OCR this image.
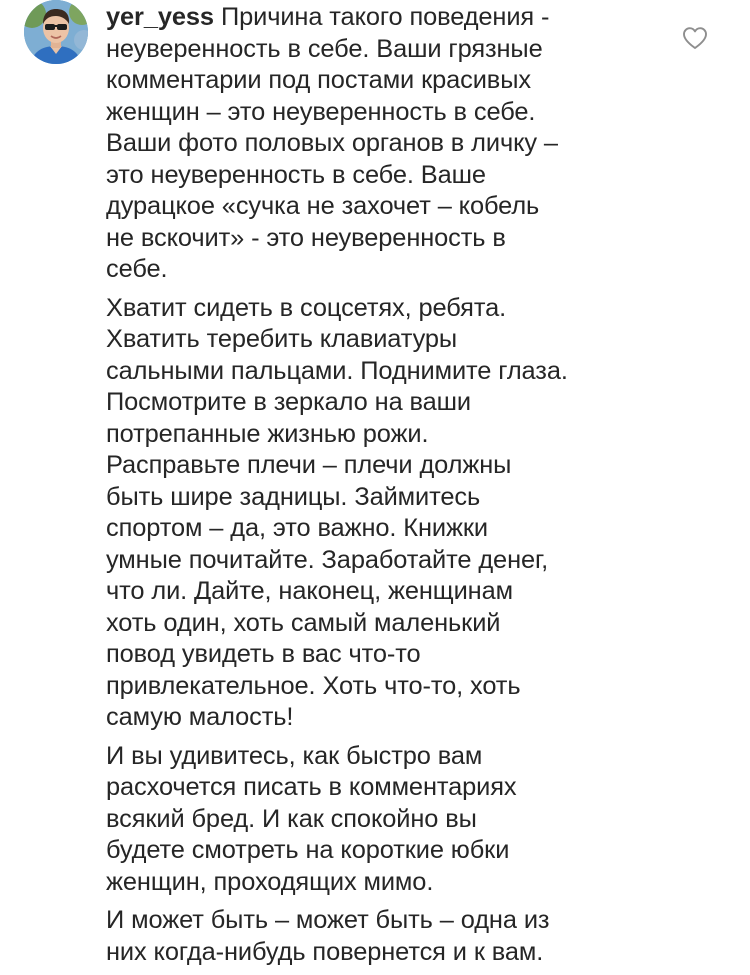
yer_yess Причина такого поведения -
неуверенность в себе. Ваши грязные
комментарии под постами красивых
женщин – это неуверенность в себе.
Ваши фото половых органов в личку –
это неуверенность в себе. Ваше
дурацкое «сучка не захочет – кобель
не вскочит» - это неуверенность в
себе.

Хватит сидеть в соцсетях, ребята.
Хватить теребить клавиатуры
сальными пальцами. Поднимите глаза.
Посмотрите в зеркало на ваши
потрепанные жизнью рожи.
Расправьте плечи – плечи должны
быть шире задницы. Займитесь
спортом – да, это важно. Книжки
умные почитайте. Заработайте денег,
что ли. Дайте, наконец, женщинам
хоть один, хоть самый маленький
повод увидеть в вас что-то
привлекательное. Хоть что-то, хоть
самую малость!

И вы удивитесь, как быстро вам
расхочется писать в комментариях
всякий бред. И как спокойно вы
будете смотреть на короткие юбки
женщин, проходящих мимо.

И может быть – может быть – одна из
них когда-нибудь повернется и к вам.
